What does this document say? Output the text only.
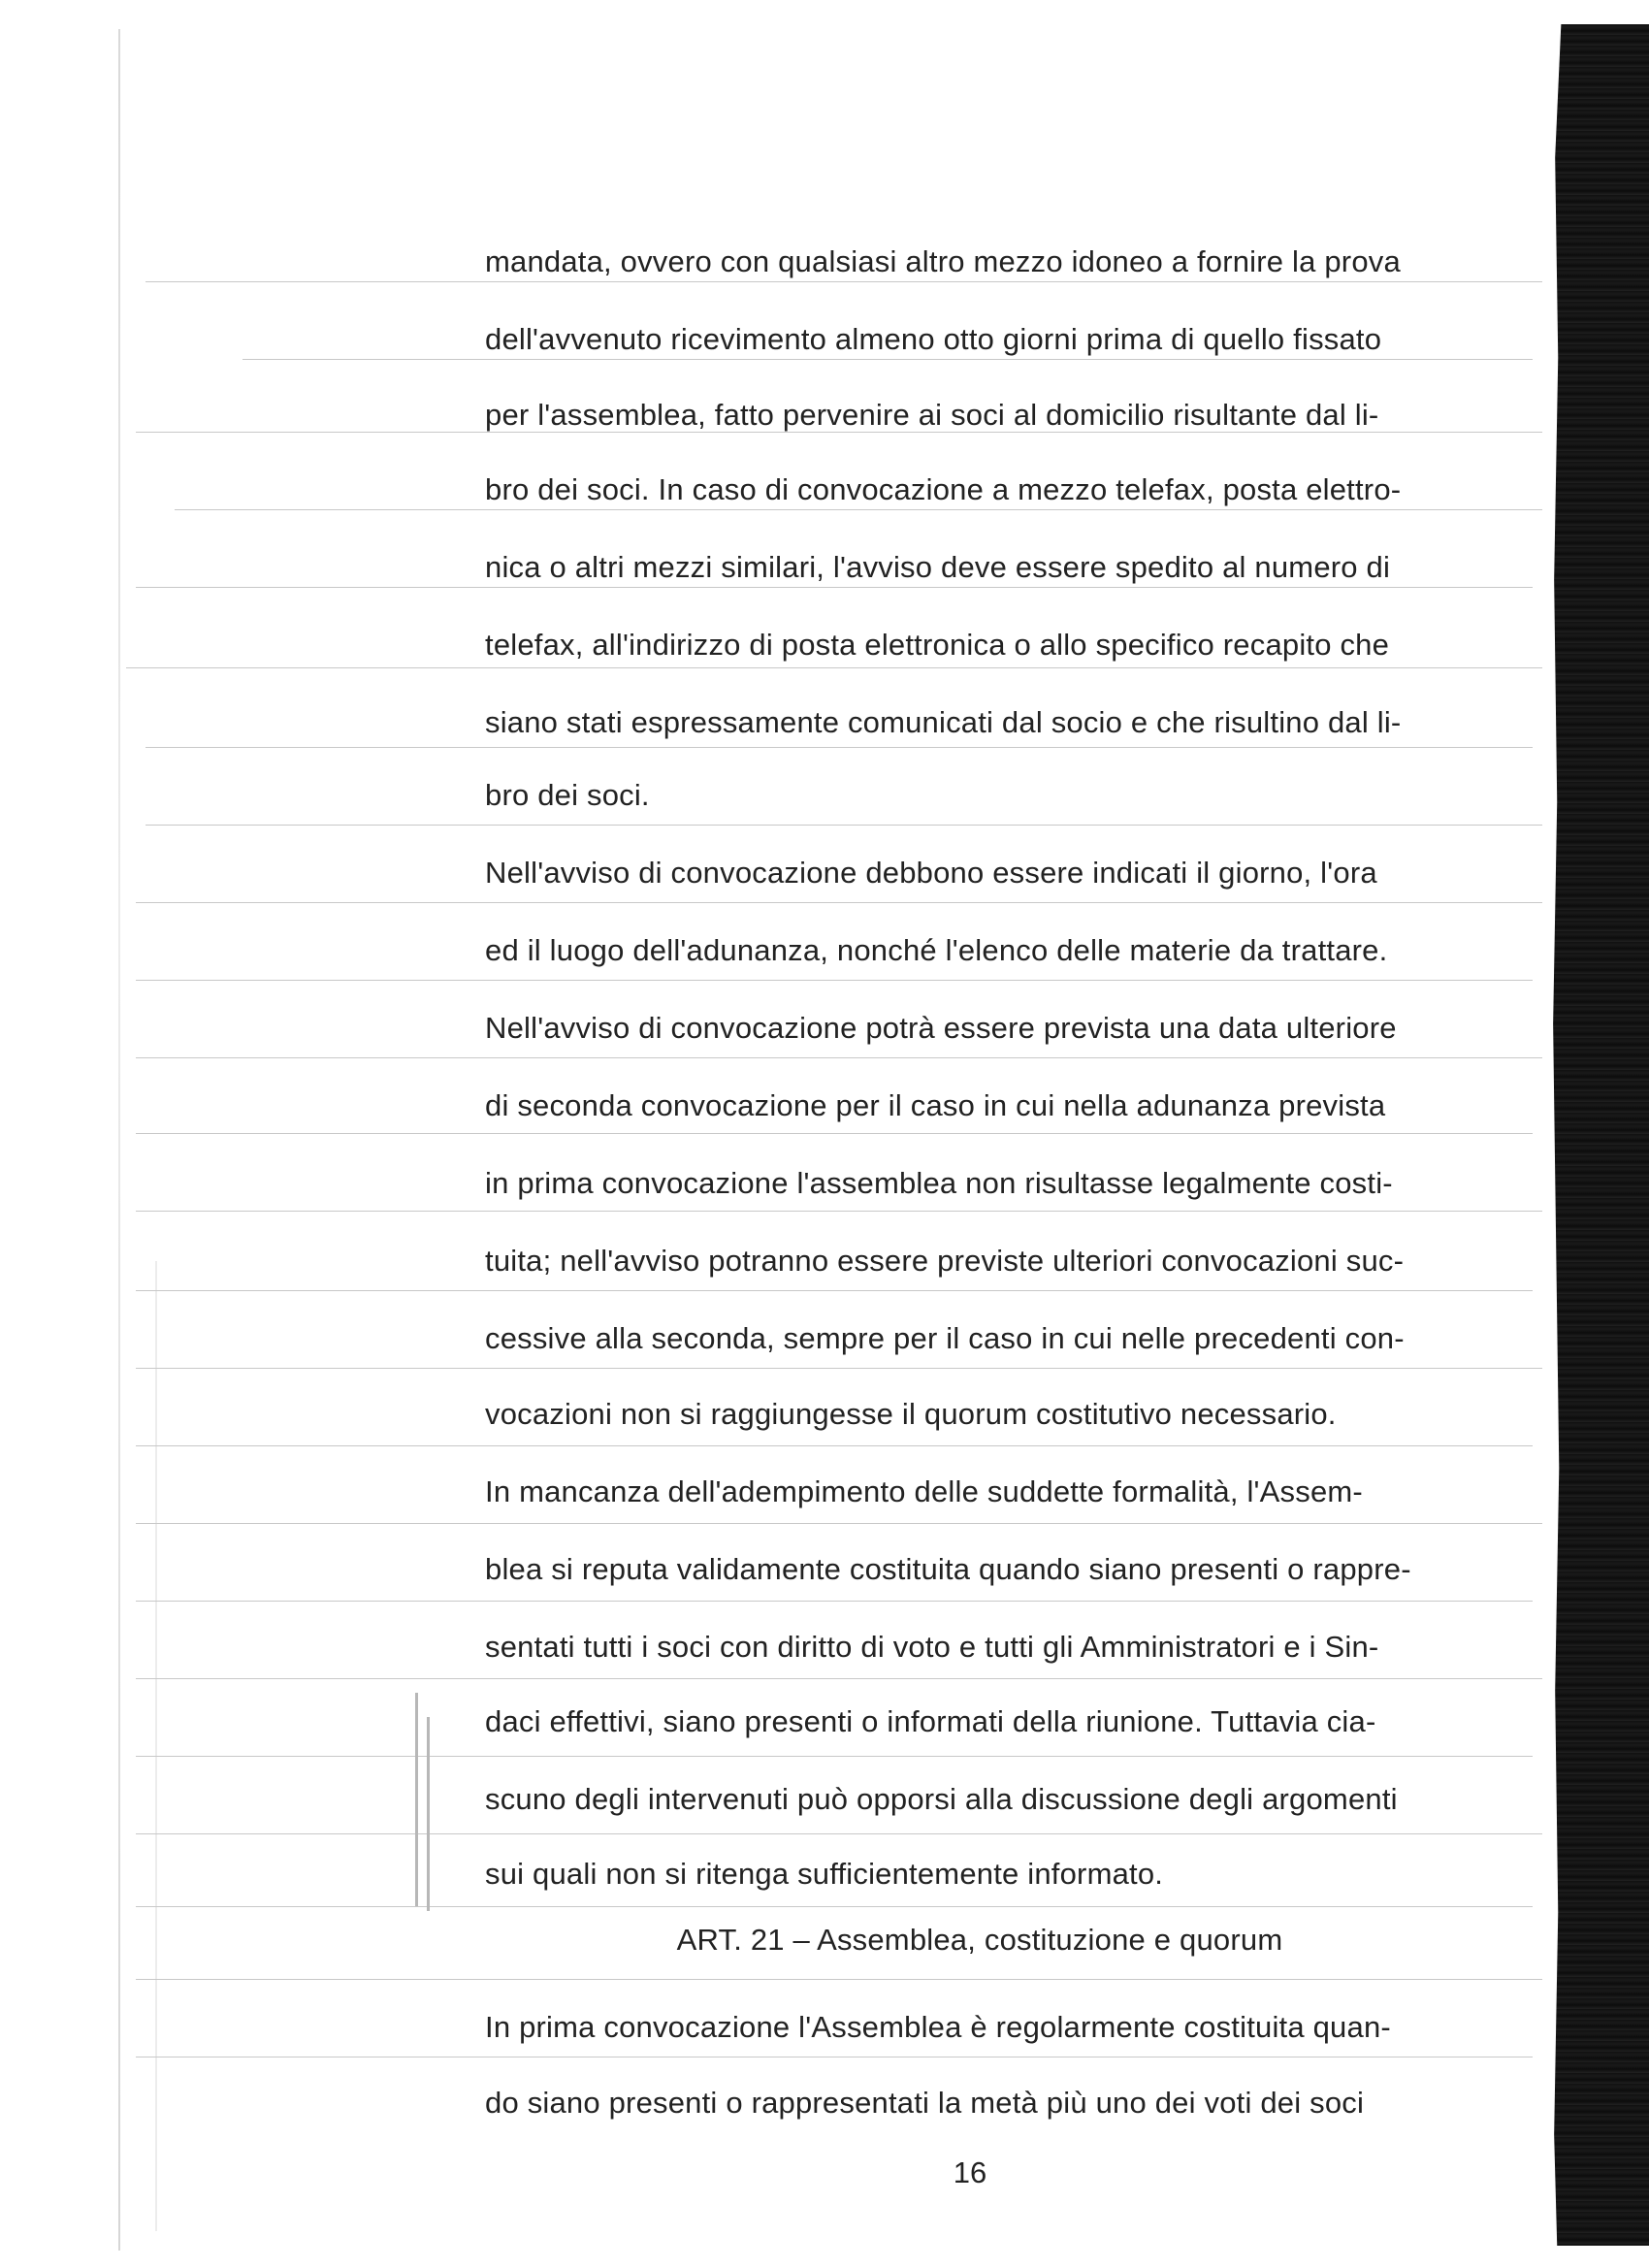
mandata, ovvero con qualsiasi altro mezzo idoneo a fornire la prova
dell'avvenuto ricevimento almeno otto giorni prima di quello fissato
per l'assemblea, fatto pervenire ai soci al domicilio risultante dal li-
bro dei soci. In caso di convocazione a mezzo telefax, posta elettro-
nica o altri mezzi similari, l'avviso deve essere spedito al numero di
telefax, all'indirizzo di posta elettronica o allo specifico recapito che
siano stati espressamente comunicati dal socio e che risultino dal li-
bro dei soci.
Nell'avviso di convocazione debbono essere indicati il giorno, l'ora
ed il luogo dell'adunanza, nonché l'elenco delle materie da trattare.
Nell'avviso di convocazione potrà essere prevista una data ulteriore
di seconda convocazione per il caso in cui nella adunanza prevista
in prima convocazione l'assemblea non risultasse legalmente costi-
tuita; nell'avviso potranno essere previste ulteriori convocazioni suc-
cessive alla seconda, sempre per il caso in cui nelle precedenti con-
vocazioni non si raggiungesse il quorum costitutivo necessario.
In mancanza dell'adempimento delle suddette formalità, l'Assem-
blea si reputa validamente costituita quando siano presenti o rappre-
sentati tutti i soci con diritto di voto e tutti gli Amministratori e i Sin-
daci effettivi, siano presenti o informati della riunione. Tuttavia cia-
scuno degli intervenuti può opporsi alla discussione degli argomenti
sui quali non si ritenga sufficientemente informato.
ART. 21 – Assemblea, costituzione e quorum
In prima convocazione l'Assemblea è regolarmente costituita quan-
do siano presenti o rappresentati la metà più uno dei voti dei soci
16
